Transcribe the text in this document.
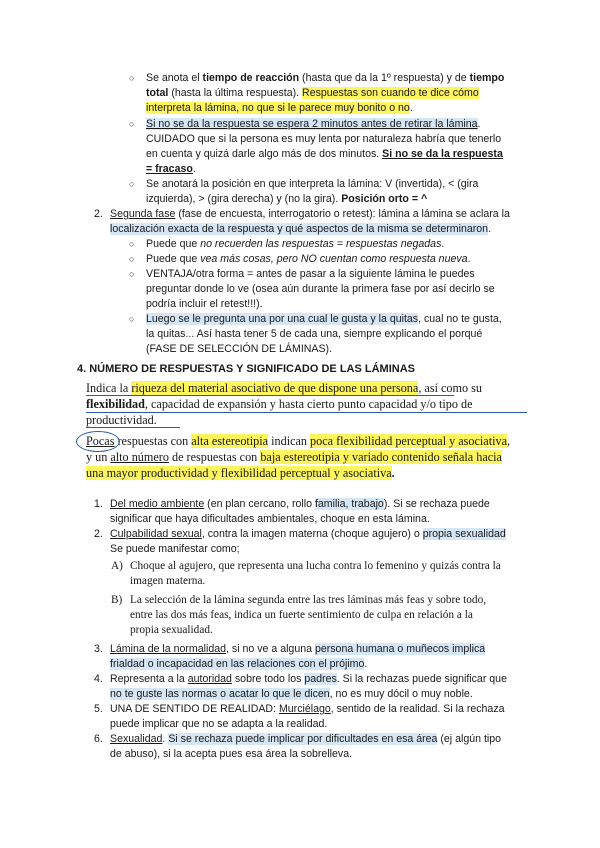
○ Se anota el tiempo de reacción (hasta que da la 1º respuesta) y de tiempo
total (hasta la última respuesta). Respuestas son cuando te dice cómo
interpreta la lámina, no que si le parece muy bonito o no.
○ Si no se da la respuesta se espera 2 minutos antes de retirar la lámina.
CUIDADO que si la persona es muy lenta por naturaleza habría que tenerlo
en cuenta y quizá darle algo más de dos minutos. Si no se da la respuesta
= fracaso.
○ Se anotará la posición en que interpreta la lámina: V (invertida), < (gira
izquierda), > (gira derecha) y (no la gira). Posición orto = ^
2. Segunda fase (fase de encuesta, interrogatorio o retest): lámina a lámina se aclara la
localización exacta de la respuesta y qué aspectos de la misma se determinaron.
○ Puede que no recuerden las respuestas = respuestas negadas.
○ Puede que vea más cosas, pero NO cuentan como respuesta nueva.
○ VENTAJA/otra forma = antes de pasar a la siguiente lámina le puedes
preguntar donde lo ve (osea aún durante la primera fase por así decirlo se
podría incluir el retest!!!).
○ Luego se le pregunta una por una cual le gusta y la quitas, cual no te gusta,
la quitas... Así hasta tener 5 de cada una, siempre explicando el porqué
(FASE DE SELECCIÓN DE LÁMINAS).
4. NÚMERO DE RESPUESTAS Y SIGNIFICADO DE LAS LÁMINAS
Indica la riqueza del material asociativo de que dispone una persona, así como su
flexibilidad, capacidad de expansión y hasta cierto punto capacidad y/o tipo de
productividad.
Pocas respuestas con alta estereotipia indican poca flexibilidad perceptual y asociativa,
y un alto número de respuestas con baja estereotipia y variado contenido señala hacia
una mayor productividad y flexibilidad perceptual y asociativa.
1. Del medio ambiente (en plan cercano, rollo familia, trabajo). Si se rechaza puede
significar que haya dificultades ambientales, choque en esta lámina.
2. Culpabilidad sexual, contra la imagen materna (choque agujero) o propia sexualidad
Se puede manifestar como;
A) Choque al agujero, que representa una lucha contra lo femenino y quizás contra la
imagen materna.
B) La selección de la lámina segunda entre las tres láminas más feas y sobre todo,
entre las dos más feas, indica un fuerte sentimiento de culpa en relación a la
propia sexualidad.
3. Lámina de la normalidad, si no ve a alguna persona humana o muñecos implica
frialdad o incapacidad en las relaciones con el prójimo.
4. Representa a la autoridad sobre todo los padres. Si la rechazas puede significar que
no te guste las normas o acatar lo que le dicen, no es muy dócil o muy noble.
5. UNA DE SENTIDO DE REALIDAD: Murciélago, sentido de la realidad. Si la rechaza
puede implicar que no se adapta a la realidad.
6. Sexualidad. Si se rechaza puede implicar por dificultades en esa área (ej algún tipo
de abuso), si la acepta pues esa área la sobrelleva.
